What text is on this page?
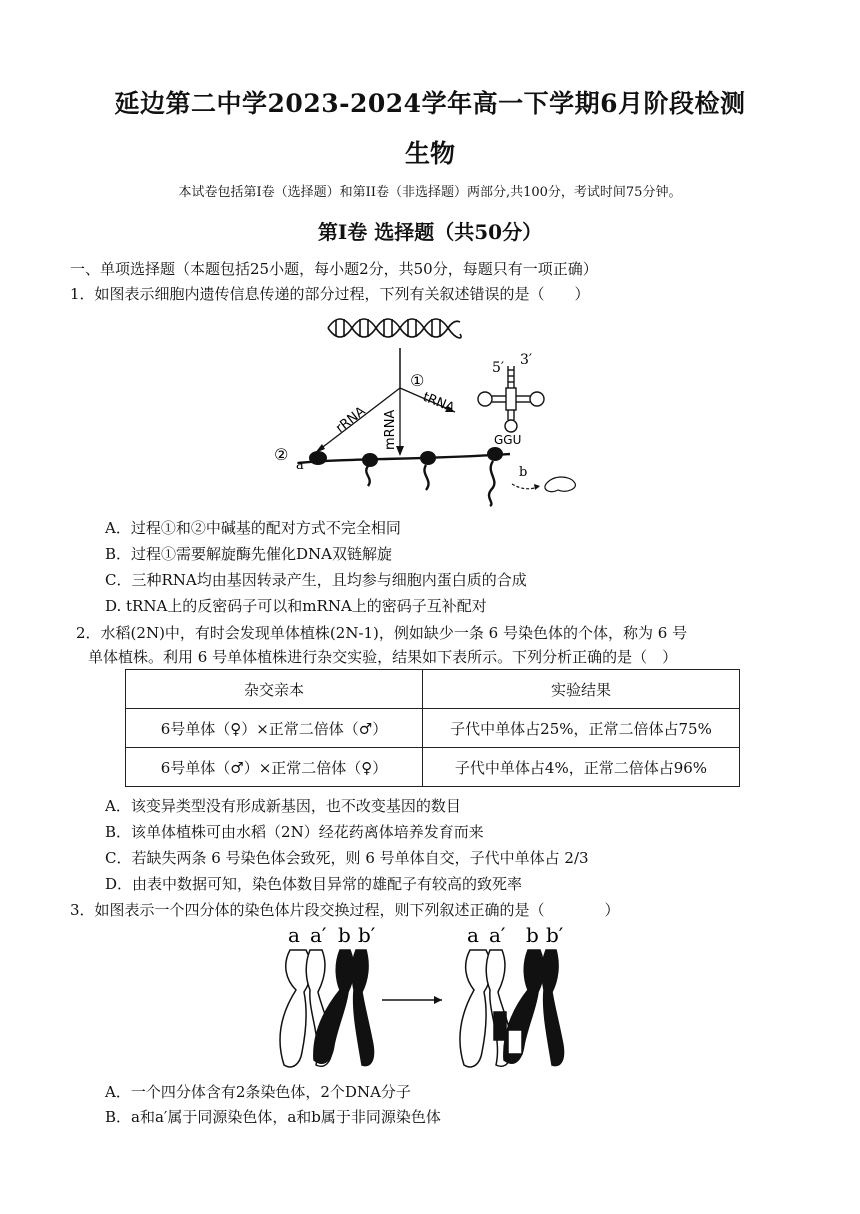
延边第二中学2023-2024学年高一下学期6月阶段检测
生物
本试卷包括第Ⅰ卷（选择题）和第II卷（非选择题）两部分,共100分，考试时间75分钟。
第Ⅰ卷 选择题（共50分）
一、单项选择题（本题包括25小题，每小题2分，共50分，每题只有一项正确）
1．如图表示细胞内遗传信息传递的部分过程，下列有关叙述错误的是（　　）
①
rRNA mRNA
tRNA
5′ 3′
GGU
②
a	b
A．过程①和②中碱基的配对方式不完全相同
B．过程①需要解旋酶先催化DNA双链解旋
C．三种RNA均由基因转录产生，且均参与细胞内蛋白质的合成
D. tRNA上的反密码子可以和mRNA上的密码子互补配对
2．水稻(2N)中，有时会发现单体植株(2N-1)，例如缺少一条 6 号染色体的个体，称为 6 号
单体植株。利用 6 号单体植株进行杂交实验，结果如下表所示。下列分析正确的是（　）
杂交亲本	实验结果
6号单体（♀）×正常二倍体（♂）	子代中单体占25%，正常二倍体占75%
6号单体（♂）×正常二倍体（♀）	子代中单体占4%，正常二倍体占96%
A．该变异类型没有形成新基因，也不改变基因的数目
B．该单体植株可由水稻（2N）经花药离体培养发育而来
C．若缺失两条 6 号染色体会致死，则 6 号单体自交，子代中单体占 2/3
D．由表中数据可知，染色体数目异常的雄配子有较高的致死率
3．如图表示一个四分体的染色体片段交换过程，则下列叙述正确的是（　　　　）
a a′ b b′	a a′ b b′
A．一个四分体含有2条染色体，2个DNA分子
B．a和a′属于同源染色体，a和b属于非同源染色体
